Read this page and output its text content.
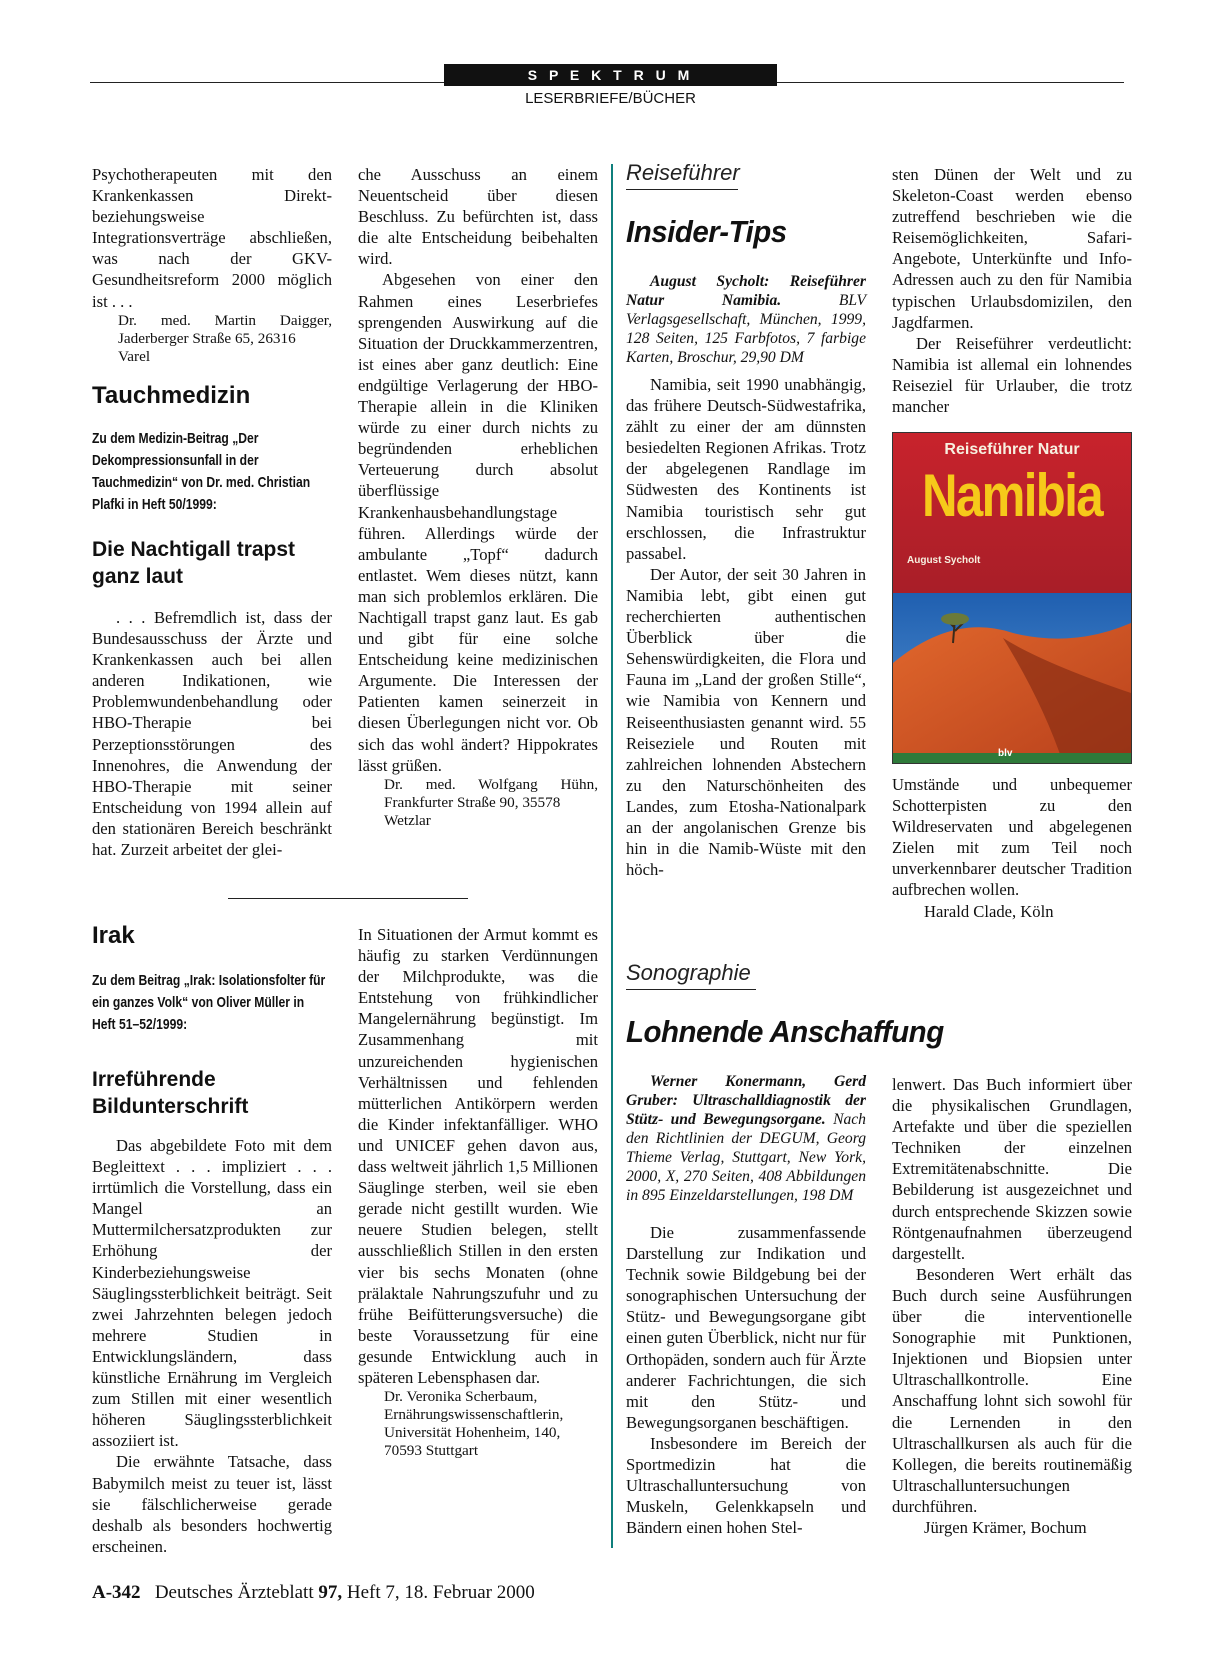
S P E K T R U M
LESERBRIEFE/BÜCHER

Psychotherapeuten mit den Krankenkassen Direkt- beziehungsweise Integrationsverträge abschließen, was nach der GKV-Gesundheitsreform 2000 möglich ist . . .

Dr. med. Martin Daigger, Jaderberger Straße 65, 26316
Varel

Tauchmedizin
Zu dem Medizin-Beitrag „Der Dekompressionsunfall in der Tauchmedizin“ von Dr. med. Christian Plafki in Heft 50/1999:
Die Nachtigall trapst ganz laut

. . . Befremdlich ist, dass der Bundesausschuss der Ärzte und Krankenkassen auch bei allen anderen Indikationen, wie Problemwundenbehandlung oder HBO-Therapie bei Perzeptionsstörungen des Innenohres, die Anwendung der HBO-Therapie mit seiner Entscheidung von 1994 allein auf den stationären Bereich beschränkt hat. Zurzeit arbeitet der glei-

che Ausschuss an einem Neuentscheid über diesen Beschluss. Zu befürchten ist, dass die alte Entscheidung beibehalten wird.

Abgesehen von einer den Rahmen eines Leserbriefes sprengenden Auswirkung auf die Situation der Druckkammerzentren, ist eines aber ganz deutlich: Eine endgültige Verlagerung der HBO-Therapie allein in die Kliniken würde zu einer durch nichts zu begründenden erheblichen Verteuerung durch absolut überflüssige Krankenhausbehandlungstage führen. Allerdings würde der ambulante „Topf“ dadurch entlastet. Wem dieses nützt, kann man sich problemlos erklären. Die Nachtigall trapst ganz laut. Es gab und gibt für eine solche Entscheidung keine medizinischen Argumente. Die Interessen der Patienten kamen seinerzeit in diesen Überlegungen nicht vor. Ob sich das wohl ändert? Hippokrates lässt grüßen.

Dr. med. Wolfgang Hühn, Frankfurter Straße 90, 35578
Wetzlar

Irak
Zu dem Beitrag „Irak: Isolationsfolter für ein ganzes Volk“ von Oliver Müller in Heft 51–52/1999:
Irreführende Bildunterschrift

Das abgebildete Foto mit dem Begleittext . . . impliziert . . . irrtümlich die Vorstellung, dass ein Mangel an Muttermilchersatzprodukten zur Erhöhung der Kinderbeziehungsweise Säuglingssterblichkeit beiträgt. Seit zwei Jahrzehnten belegen jedoch mehrere Studien in Entwicklungsländern, dass künstliche Ernährung im Vergleich zum Stillen mit einer wesentlich höheren Säuglingssterblichkeit assoziiert ist.

Die erwähnte Tatsache, dass Babymilch meist zu teuer ist, lässt sie fälschlicherweise gerade deshalb als besonders hochwertig erscheinen.

In Situationen der Armut kommt es häufig zu starken Verdünnungen der Milchprodukte, was die Entstehung von frühkindlicher Mangelernährung begünstigt. Im Zusammenhang mit unzureichenden hygienischen Verhältnissen und fehlenden mütterlichen Antikörpern werden die Kinder infektanfälliger. WHO und UNICEF gehen davon aus, dass weltweit jährlich 1,5 Millionen Säuglinge sterben, weil sie eben gerade nicht gestillt wurden. Wie neuere Studien belegen, stellt ausschließlich Stillen in den ersten vier bis sechs Monaten (ohne prälaktale Nahrungszufuhr und zu frühe Beifütterungsversuche) die beste Voraussetzung für eine gesunde Entwicklung auch in späteren Lebensphasen dar.

Dr. Veronika Scherbaum,
Ernährungswissenschaftlerin,
Universität Hohenheim, 140,
70593 Stuttgart

Reiseführer
Insider-Tips
August Sycholt: Reiseführer Natur Namibia. BLV Verlagsgesellschaft, München, 1999, 128 Seiten, 125 Farbfotos, 7 farbige Karten, Broschur, 29,90 DM

Namibia, seit 1990 unabhängig, das frühere Deutsch-Südwestafrika, zählt zu einer der am dünnsten besiedelten Regionen Afrikas. Trotz der abgelegenen Randlage im Südwesten des Kontinents ist Namibia touristisch sehr gut erschlossen, die Infrastruktur passabel.

Der Autor, der seit 30 Jahren in Namibia lebt, gibt einen gut recherchierten authentischen Überblick über die Sehenswürdigkeiten, die Flora und Fauna im „Land der großen Stille“, wie Namibia von Kennern und Reiseenthusiasten genannt wird. 55 Reiseziele und Routen mit zahlreichen lohnenden Abstechern zu den Naturschönheiten des Landes, zum Etosha-Nationalpark an der angolanischen Grenze bis hin in die Namib-Wüste mit den höch-

sten Dünen der Welt und zu Skeleton-Coast werden ebenso zutreffend beschrieben wie die Reisemöglichkeiten, Safari-Angebote, Unterkünfte und Info-Adressen auch zu den für Namibia typischen Urlaubsdomizilen, den Jagdfarmen.

Der Reiseführer verdeutlicht: Namibia ist allemal ein lohnendes Reiseziel für Urlauber, die trotz mancher

Reiseführer Natur
Namibia
August Sycholt
blv

Umstände und unbequemer Schotterpisten zu den Wildreservaten und abgelegenen Zielen mit zum Teil noch unverkennbarer deutscher Tradition aufbrechen wollen.

Harald Clade, Köln

Sonographie
Lohnende Anschaffung
Werner Konermann, Gerd Gruber: Ultraschalldiagnostik der Stütz- und Bewegungsorgane. Nach den Richtlinien der DEGUM, Georg Thieme Verlag, Stuttgart, New York, 2000, X, 270 Seiten, 408 Abbildungen in 895 Einzeldarstellungen, 198 DM

Die zusammenfassende Darstellung zur Indikation und Technik sowie Bildgebung bei der sonographischen Untersuchung der Stütz- und Bewegungsorgane gibt einen guten Überblick, nicht nur für Orthopäden, sondern auch für Ärzte anderer Fachrichtungen, die sich mit den Stütz- und Bewegungsorganen beschäftigen.

Insbesondere im Bereich der Sportmedizin hat die Ultraschalluntersuchung von Muskeln, Gelenkkapseln und Bändern einen hohen Stel-

lenwert. Das Buch informiert über die physikalischen Grundlagen, Artefakte und über die speziellen Techniken der einzelnen Extremitätenabschnitte. Die Bebilderung ist ausgezeichnet und durch entsprechende Skizzen sowie Röntgenaufnahmen überzeugend dargestellt.

Besonderen Wert erhält das Buch durch seine Ausführungen über die interventionelle Sonographie mit Punktionen, Injektionen und Biopsien unter Ultraschallkontrolle. Eine Anschaffung lohnt sich sowohl für die Lernenden in den Ultraschallkursen als auch für die Kollegen, die bereits routinemäßig Ultraschalluntersuchungen durchführen.

Jürgen Krämer, Bochum

A-342 Deutsches Ärzteblatt 97, Heft 7, 18. Februar 2000
